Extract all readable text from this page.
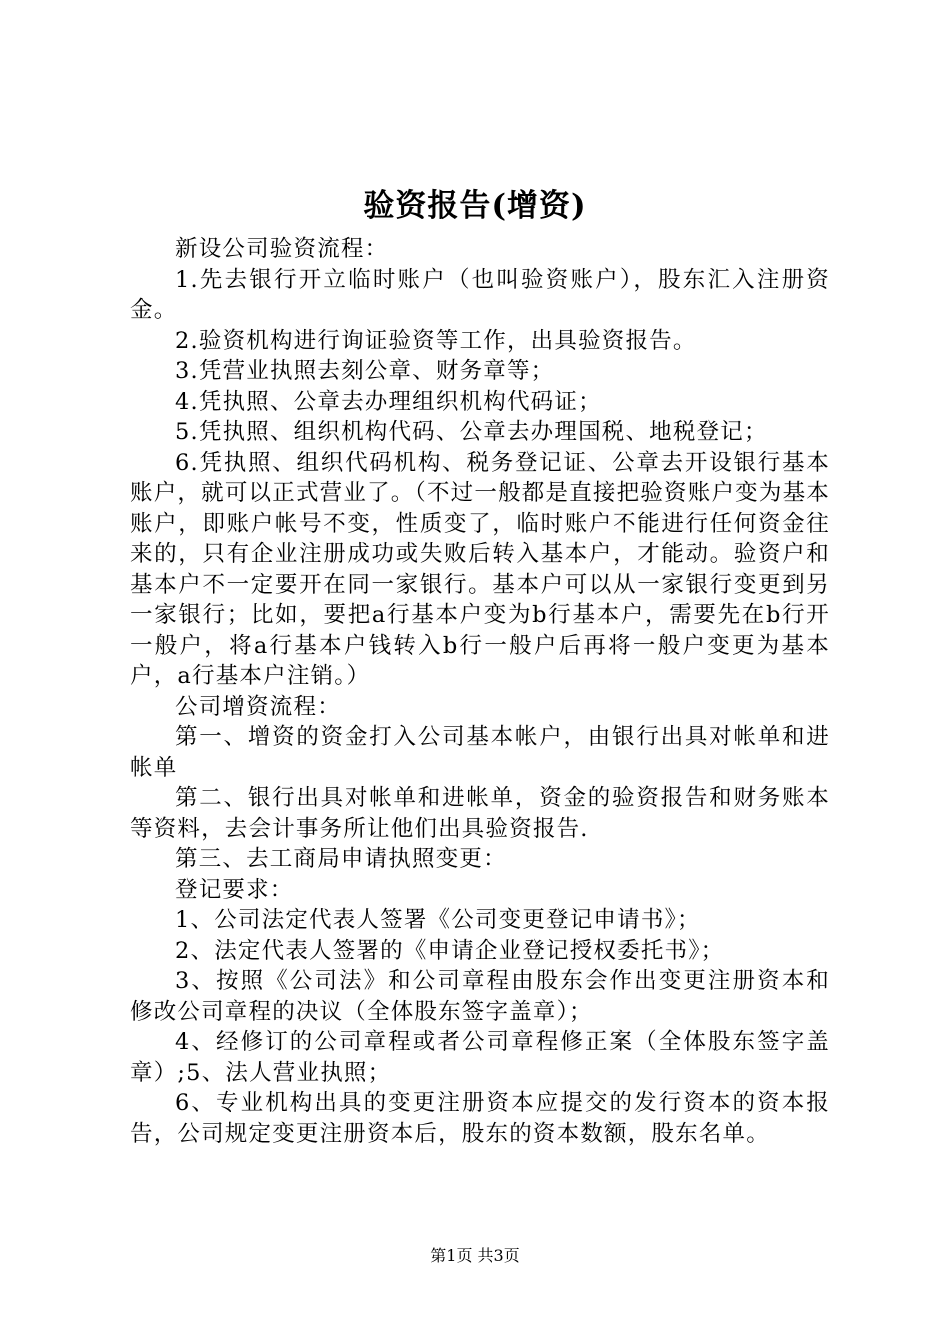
验资报告(增资)

新设公司验资流程：

1.先去银行开立临时账户（也叫验资账户），股东汇入注册资金。

2.验资机构进行询证验资等工作，出具验资报告。

3.凭营业执照去刻公章、财务章等；

4.凭执照、公章去办理组织机构代码证；

5.凭执照、组织机构代码、公章去办理国税、地税登记；

6.凭执照、组织代码机构、税务登记证、公章去开设银行基本账户，就可以正式营业了。（不过一般都是直接把验资账户变为基本账户，即账户帐号不变，性质变了，临时账户不能进行任何资金往来的，只有企业注册成功或失败后转入基本户，才能动。验资户和基本户不一定要开在同一家银行。基本户可以从一家银行变更到另一家银行；比如，要把a行基本户变为b行基本户，需要先在b行开一般户，将a行基本户钱转入b行一般户后再将一般户变更为基本户，a行基本户注销。）

公司增资流程：

第一、增资的资金打入公司基本帐户，由银行出具对帐单和进帐单

第二、银行出具对帐单和进帐单，资金的验资报告和财务账本等资料，去会计事务所让他们出具验资报告.

第三、去工商局申请执照变更：

登记要求：

1、公司法定代表人签署《公司变更登记申请书》；

2、法定代表人签署的《申请企业登记授权委托书》；

3、按照《公司法》和公司章程由股东会作出变更注册资本和修改公司章程的决议（全体股东签字盖章）；

4、经修订的公司章程或者公司章程修正案（全体股东签字盖章）;5、法人营业执照；

6、专业机构出具的变更注册资本应提交的发行资本的资本报告，公司规定变更注册资本后，股东的资本数额，股东名单。

第1页 共3页
